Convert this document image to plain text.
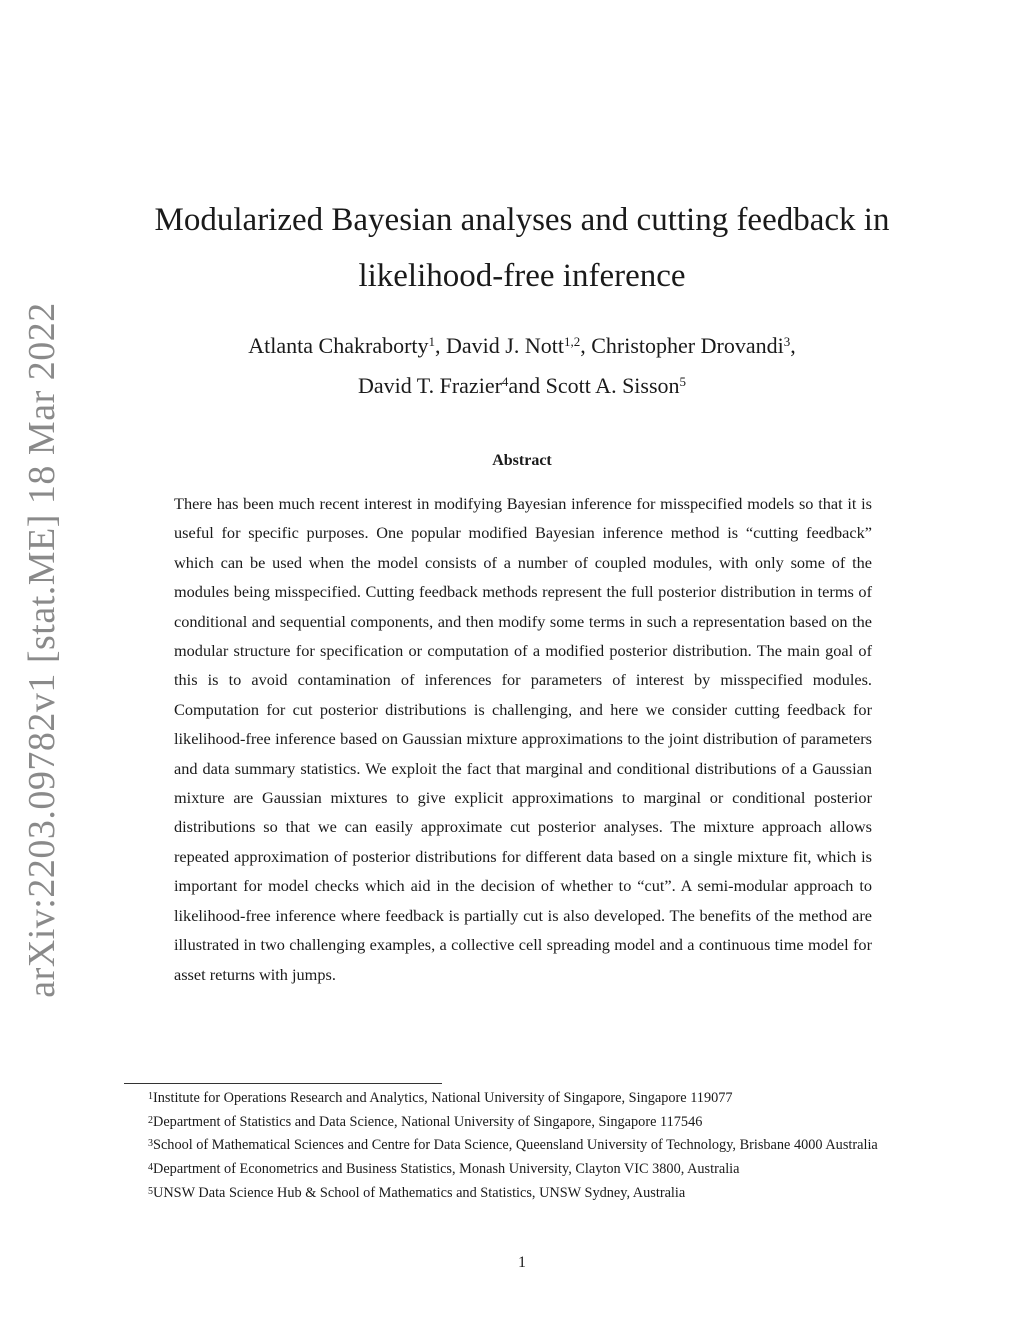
arXiv:2203.09782v1 [stat.ME] 18 Mar 2022
Modularized Bayesian analyses and cutting feedback in
likelihood-free inference
Atlanta Chakraborty$^1$, David J. Nott$^{1,2}$, Christopher Drovandi$^3$,
David T. Frazier$^4$and Scott A. Sisson$^5$
Abstract

There has been much recent interest in modifying Bayesian inference for misspecified models so that it is useful for specific purposes. One popular modified Bayesian inference method is “cutting feedback” which can be used when the model consists of a number of coupled modules, with only some of the modules being misspecified. Cutting feedback methods represent the full posterior distribution in terms of conditional and sequential components, and then modify some terms in such a representation based on the modular structure for specification or computation of a modified posterior distribution. The main goal of this is to avoid contamination of inferences for parameters of interest by misspecified modules. Computation for cut posterior distributions is challenging, and here we consider cutting feedback for likelihood-free inference based on Gaussian mixture approximations to the joint distribution of parameters and data summary statistics. We exploit the fact that marginal and conditional distributions of a Gaussian mixture are Gaussian mixtures to give explicit approximations to marginal or conditional posterior distributions so that we can easily approximate cut posterior analyses. The mixture approach allows repeated approximation of posterior distributions for different data based on a single mixture fit, which is important for model checks which aid in the decision of whether to “cut”. A semi-modular approach to likelihood-free inference where feedback is partially cut is also developed. The benefits of the method are illustrated in two challenging examples, a collective cell spreading model and a continuous time model for asset returns with jumps.

$^1$Institute for Operations Research and Analytics, National University of Singapore, Singapore 119077
$^2$Department of Statistics and Data Science, National University of Singapore, Singapore 117546
$^3$School of Mathematical Sciences and Centre for Data Science, Queensland University of Technology, Brisbane 4000 Australia
$^4$Department of Econometrics and Business Statistics, Monash University, Clayton VIC 3800, Australia
$^5$UNSW Data Science Hub & School of Mathematics and Statistics, UNSW Sydney, Australia
1
